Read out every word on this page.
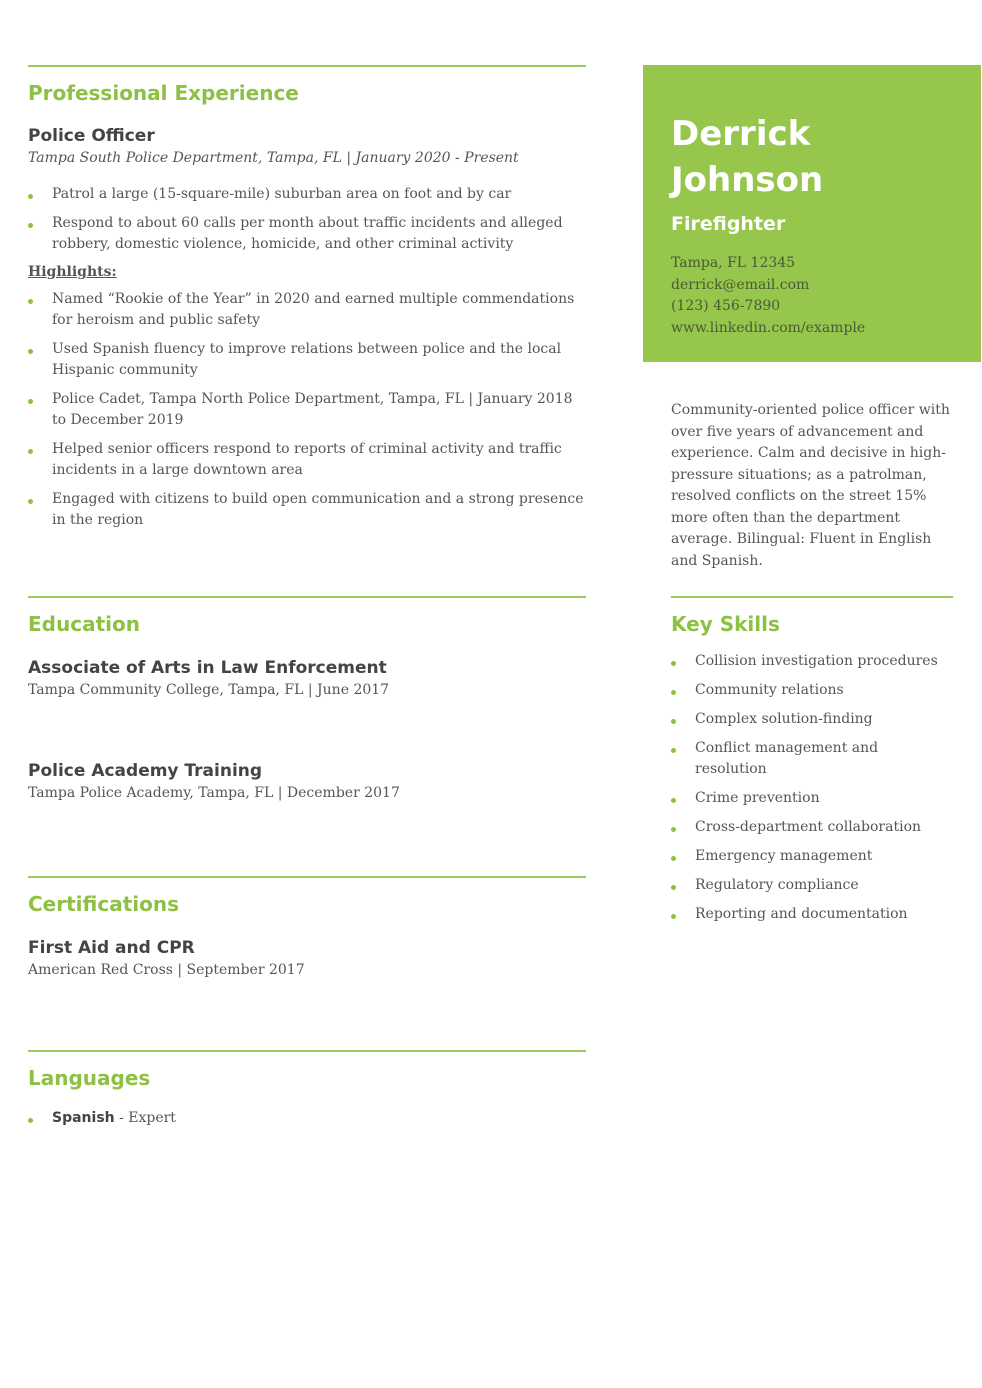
Professional Experience
Police Officer
Tampa South Police Department, Tampa, FL | January 2020 - Present
Patrol a large (15-square-mile) suburban area on foot and by car
Respond to about 60 calls per month about traffic incidents and alleged robbery, domestic violence, homicide, and other criminal activity
Highlights:
Named “Rookie of the Year” in 2020 and earned multiple commendations for heroism and public safety
Used Spanish fluency to improve relations between police and the local Hispanic community
Police Cadet, Tampa North Police Department, Tampa, FL | January 2018 to December 2019
Helped senior officers respond to reports of criminal activity and traffic incidents in a large downtown area
Engaged with citizens to build open communication and a strong presence in the region
Education
Associate of Arts in Law Enforcement
Tampa Community College, Tampa, FL | June 2017
Police Academy Training
Tampa Police Academy, Tampa, FL | December 2017
Certifications
First Aid and CPR
American Red Cross | September 2017
Languages
Spanish - Expert
Derrick
Johnson
Firefighter
Tampa, FL 12345
derrick@email.com
(123) 456-7890
www.linkedin.com/example
Community-oriented police officer with over five years of advancement and experience. Calm and decisive in high-pressure situations; as a patrolman, resolved conflicts on the street 15% more often than the department average. Bilingual: Fluent in English and Spanish.
Key Skills
Collision investigation procedures
Community relations
Complex solution-finding
Conflict management and resolution
Crime prevention
Cross-department collaboration
Emergency management
Regulatory compliance
Reporting and documentation
